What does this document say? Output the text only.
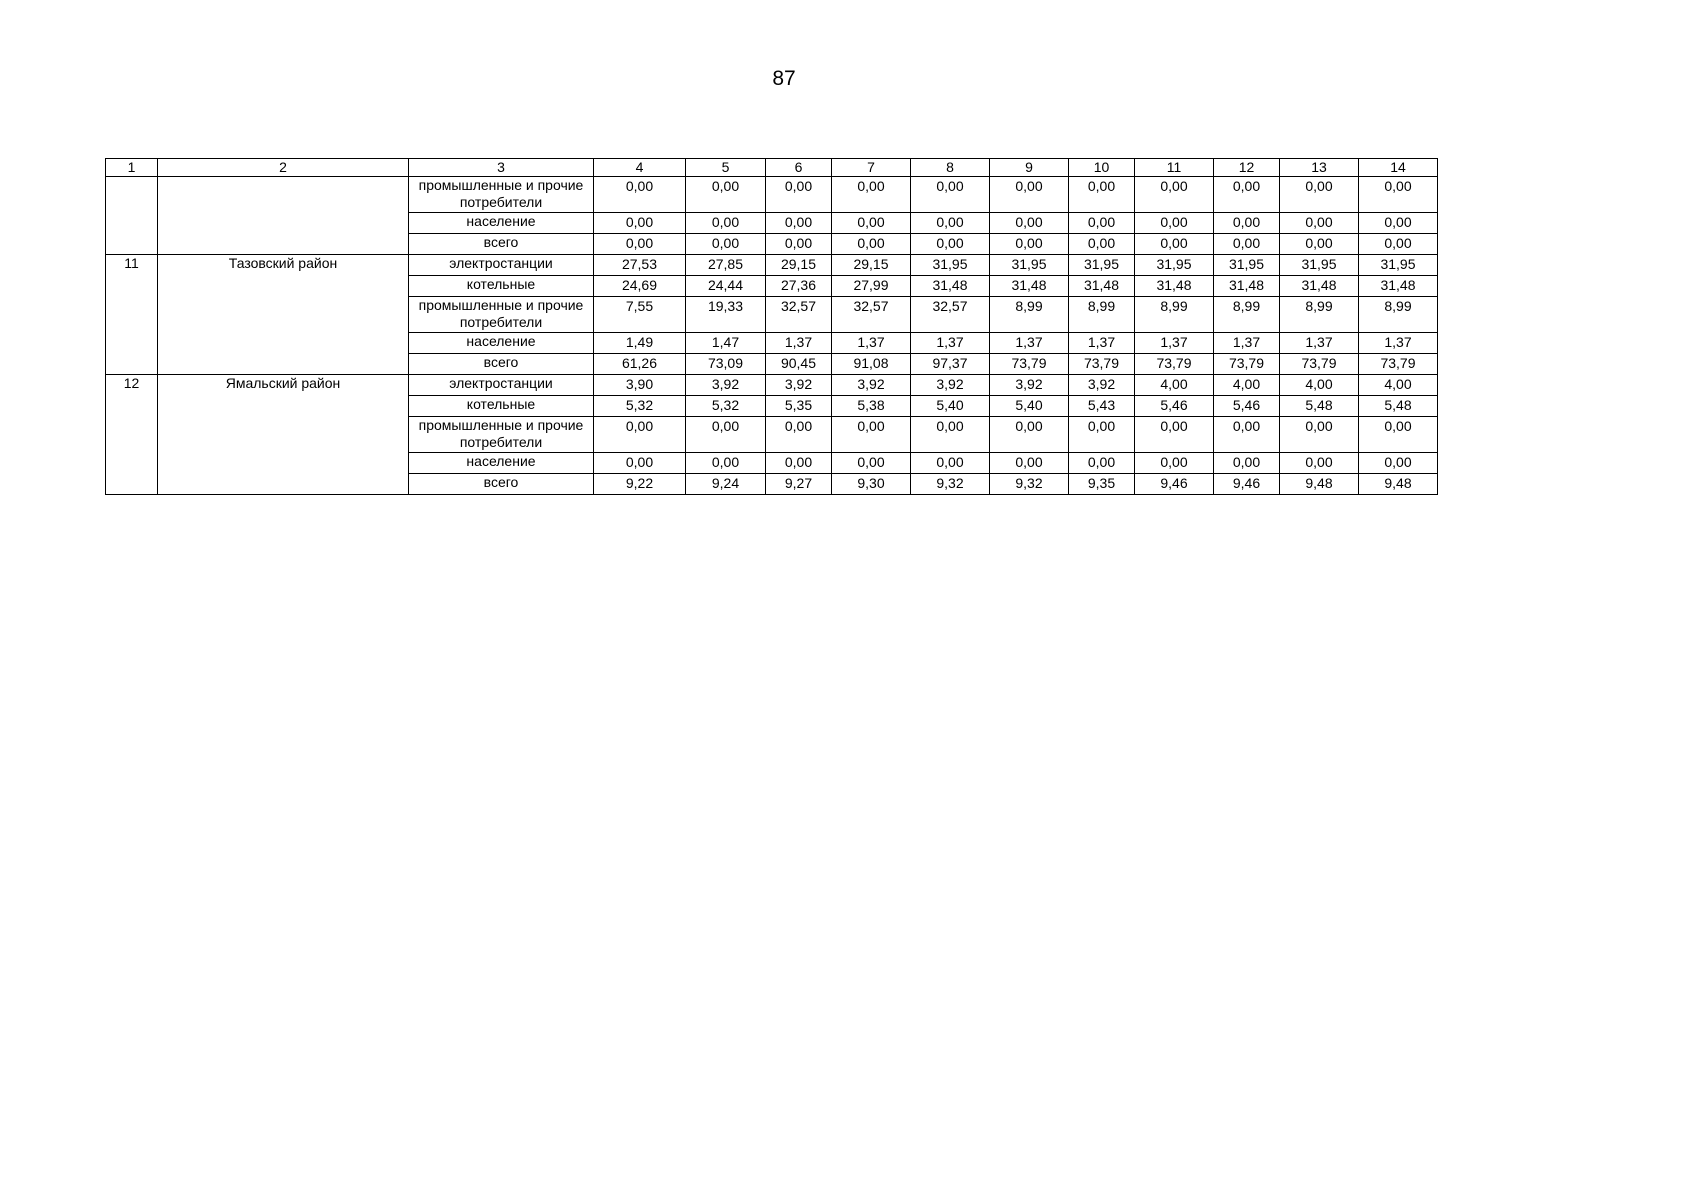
87
1	2	3	4	5	6	7	8	9	10	11	12	13	14
		промышленные и прочие потребители	0,00	0,00	0,00	0,00	0,00	0,00	0,00	0,00	0,00	0,00	0,00
		население	0,00	0,00	0,00	0,00	0,00	0,00	0,00	0,00	0,00	0,00	0,00
		всего	0,00	0,00	0,00	0,00	0,00	0,00	0,00	0,00	0,00	0,00	0,00
11	Тазовский район	электростанции	27,53	27,85	29,15	29,15	31,95	31,95	31,95	31,95	31,95	31,95	31,95
		котельные	24,69	24,44	27,36	27,99	31,48	31,48	31,48	31,48	31,48	31,48	31,48
		промышленные и прочие потребители	7,55	19,33	32,57	32,57	32,57	8,99	8,99	8,99	8,99	8,99	8,99
		население	1,49	1,47	1,37	1,37	1,37	1,37	1,37	1,37	1,37	1,37	1,37
		всего	61,26	73,09	90,45	91,08	97,37	73,79	73,79	73,79	73,79	73,79	73,79
12	Ямальский район	электростанции	3,90	3,92	3,92	3,92	3,92	3,92	3,92	4,00	4,00	4,00	4,00
		котельные	5,32	5,32	5,35	5,38	5,40	5,40	5,43	5,46	5,46	5,48	5,48
		промышленные и прочие потребители	0,00	0,00	0,00	0,00	0,00	0,00	0,00	0,00	0,00	0,00	0,00
		население	0,00	0,00	0,00	0,00	0,00	0,00	0,00	0,00	0,00	0,00	0,00
		всего	9,22	9,24	9,27	9,30	9,32	9,32	9,35	9,46	9,46	9,48	9,48
